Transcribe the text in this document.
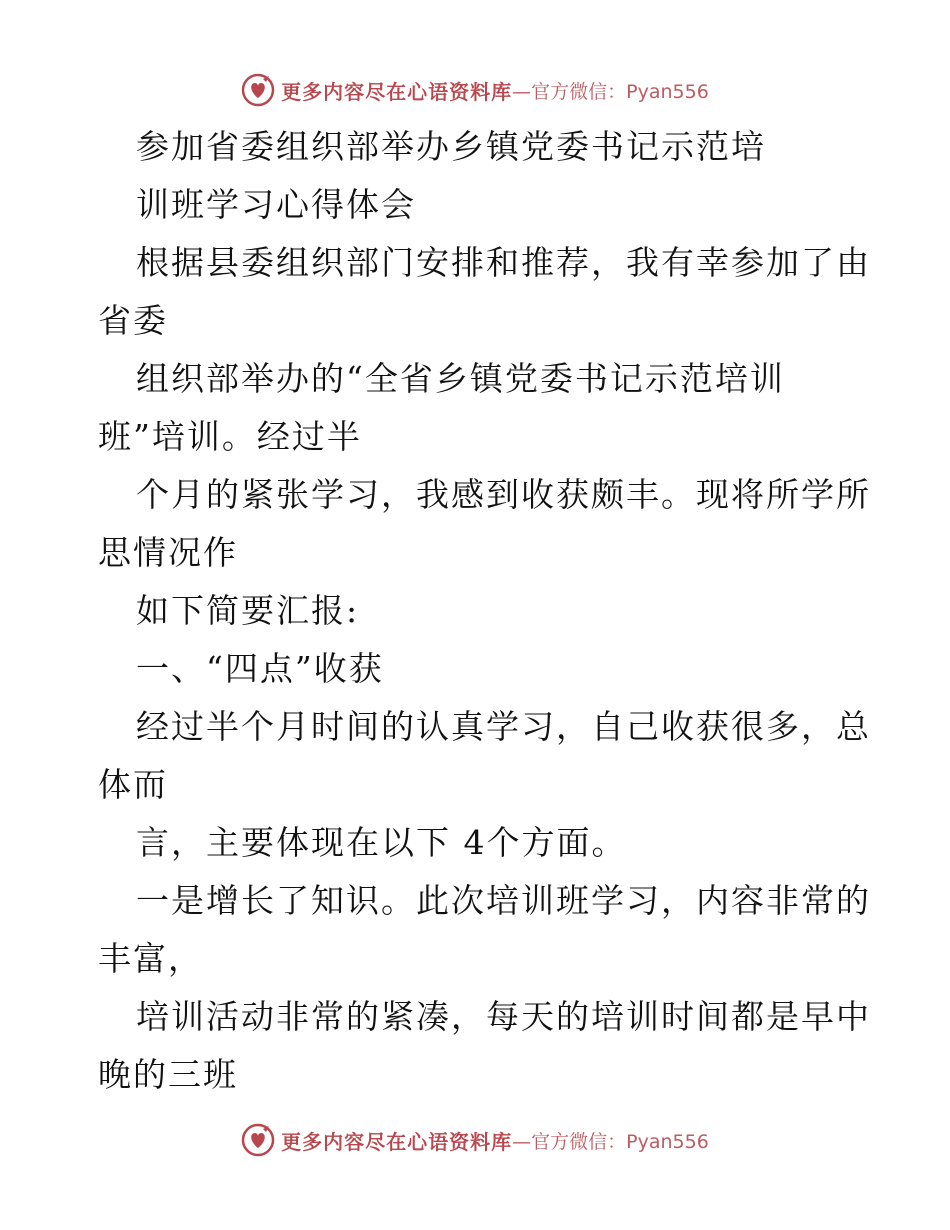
更多内容尽在心语资料库 —官方微信：Pyan556
参加省委组织部举办乡镇党委书记示范培
训班学习心得体会
根据县委组织部门安排和推荐，我有幸参加了由
省委
组织部举办的“全省乡镇党委书记示范培训
班”培训。经过半
个月的紧张学习，我感到收获颇丰。现将所学所
思情况作
如下简要汇报:
一、“四点”收获
经过半个月时间的认真学习，自己收获很多，总
体而
言，主要体现在以下 4个方面。
一是增长了知识。此次培训班学习，内容非常的
丰富，
培训活动非常的紧凑，每天的培训时间都是早中
晚的三班
更多内容尽在心语资料库 —官方微信：Pyan556
